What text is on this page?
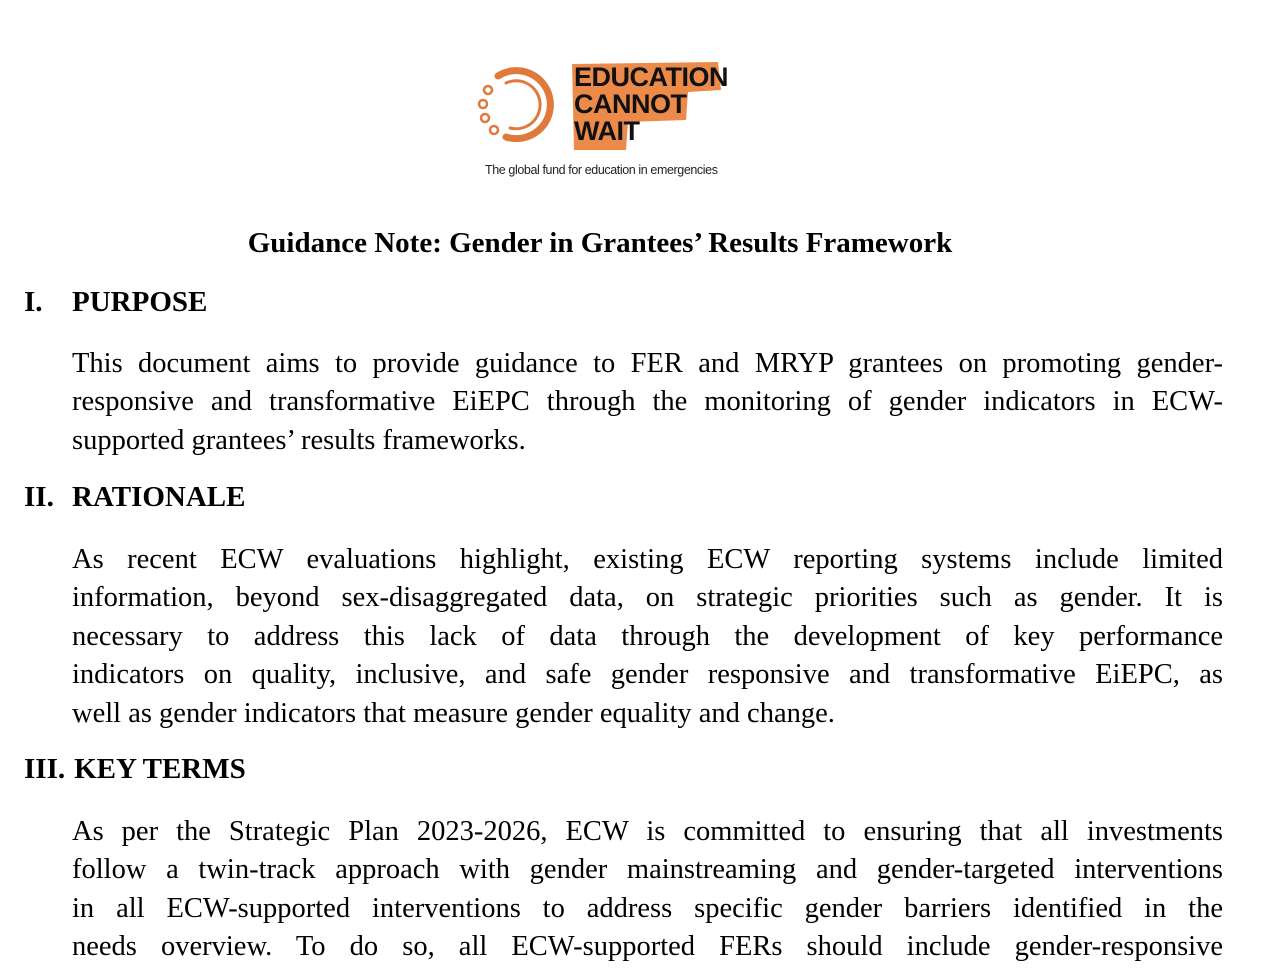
EDUCATION
CANNOT
WAIT
The global fund for education in emergencies
Guidance Note: Gender in Grantees’ Results Framework
I. PURPOSE
This document aims to provide guidance to FER and MRYP grantees on promoting gender-
responsive and transformative EiEPC through the monitoring of gender indicators in ECW-
supported grantees’ results frameworks.
II. RATIONALE
As recent ECW evaluations highlight, existing ECW reporting systems include limited
information, beyond sex-disaggregated data, on strategic priorities such as gender. It is
necessary to address this lack of data through the development of key performance
indicators on quality, inclusive, and safe gender responsive and transformative EiEPC, as
well as gender indicators that measure gender equality and change.
III. KEY TERMS
As per the Strategic Plan 2023-2026, ECW is committed to ensuring that all investments
follow a twin-track approach with gender mainstreaming and gender-targeted interventions
in all ECW-supported interventions to address specific gender barriers identified in the
needs overview. To do so, all ECW-supported FERs should include gender-responsive
